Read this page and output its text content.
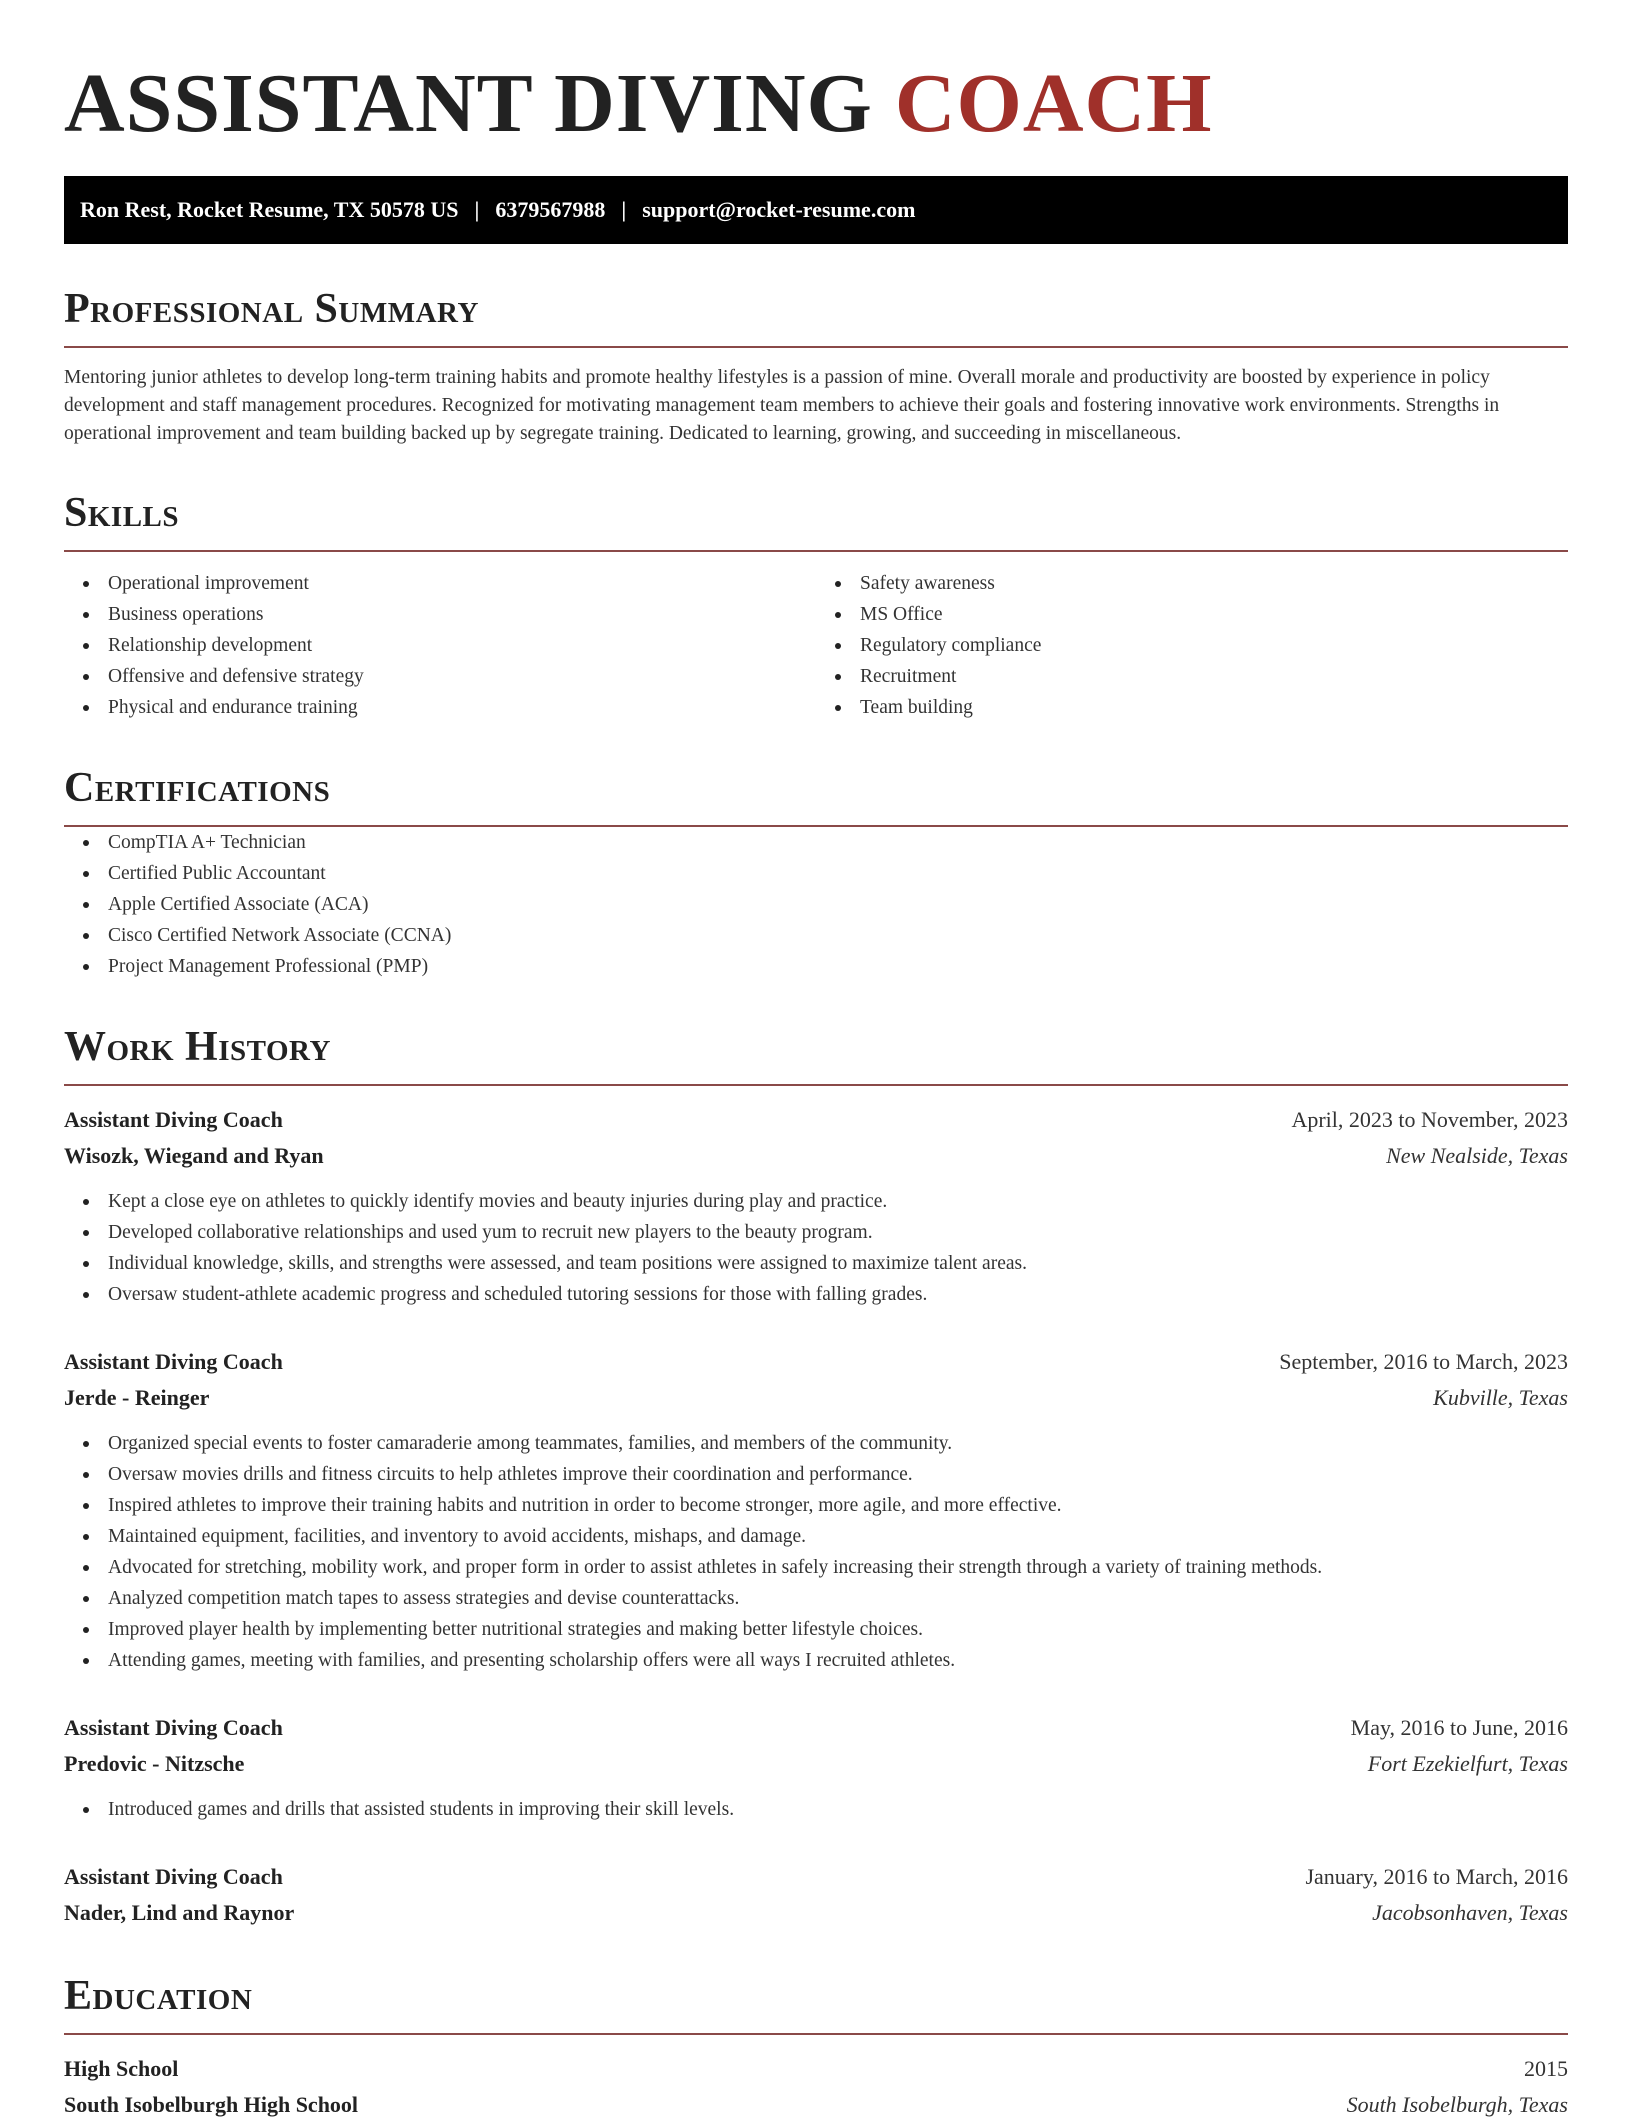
ASSISTANT DIVING COACH
Ron Rest, Rocket Resume, TX 50578 US | 6379567988 | support@rocket-resume.com
Professional Summary

Mentoring junior athletes to develop long-term training habits and promote healthy lifestyles is a passion of mine. Overall morale and productivity are boosted by experience in policy development and staff management procedures. Recognized for motivating management team members to achieve their goals and fostering innovative work environments. Strengths in operational improvement and team building backed up by segregate training. Dedicated to learning, growing, and succeeding in miscellaneous.

Skills
Operational improvement
Business operations
Relationship development
Offensive and defensive strategy
Physical and endurance training
Safety awareness
MS Office
Regulatory compliance
Recruitment
Team building
Certifications
CompTIA A+ Technician
Certified Public Accountant
Apple Certified Associate (ACA)
Cisco Certified Network Associate (CCNA)
Project Management Professional (PMP)
Work History
Assistant Diving Coach	April, 2023 to November, 2023
Wisozk, Wiegand and Ryan	New Nealside, Texas
Kept a close eye on athletes to quickly identify movies and beauty injuries during play and practice.
Developed collaborative relationships and used yum to recruit new players to the beauty program.
Individual knowledge, skills, and strengths were assessed, and team positions were assigned to maximize talent areas.
Oversaw student-athlete academic progress and scheduled tutoring sessions for those with falling grades.
Assistant Diving Coach	September, 2016 to March, 2023
Jerde - Reinger	Kubville, Texas
Organized special events to foster camaraderie among teammates, families, and members of the community.
Oversaw movies drills and fitness circuits to help athletes improve their coordination and performance.
Inspired athletes to improve their training habits and nutrition in order to become stronger, more agile, and more effective.
Maintained equipment, facilities, and inventory to avoid accidents, mishaps, and damage.
Advocated for stretching, mobility work, and proper form in order to assist athletes in safely increasing their strength through a variety of training methods.
Analyzed competition match tapes to assess strategies and devise counterattacks.
Improved player health by implementing better nutritional strategies and making better lifestyle choices.
Attending games, meeting with families, and presenting scholarship offers were all ways I recruited athletes.
Assistant Diving Coach	May, 2016 to June, 2016
Predovic - Nitzsche	Fort Ezekielfurt, Texas
Introduced games and drills that assisted students in improving their skill levels.
Assistant Diving Coach	January, 2016 to March, 2016
Nader, Lind and Raynor	Jacobsonhaven, Texas
Education
High School	2015
South Isobelburgh High School	South Isobelburgh, Texas
